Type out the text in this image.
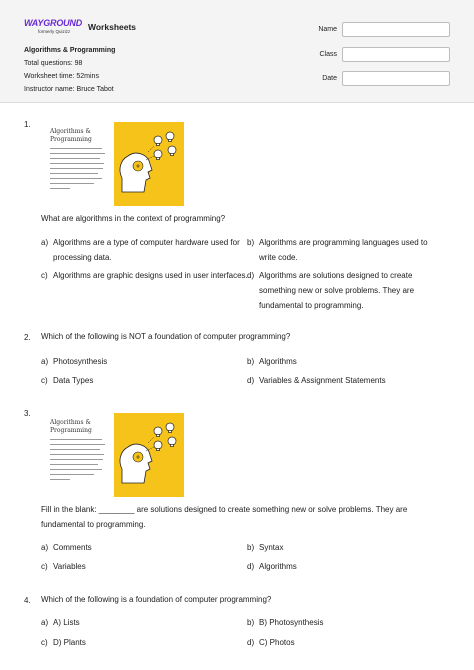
WAYGROUND
formerly Quizizz Worksheets
Algorithms & Programming
Total questions: 98
Worksheet time: 52mins
Instructor name: Bruce Tabot
Name
Class
Date
1.
Algorithms &
Programming
What are algorithms in the context of programming?
a) Algorithms are a type of computer hardware used for processing data.
b) Algorithms are programming languages used to write code.
c) Algorithms are graphic designs used in user interfaces. d) Algorithms are solutions designed to create something new or solve problems. They are fundamental to programming.
2. Which of the following is NOT a foundation of computer programming?
a) Photosynthesis	b) Algorithms
c) Data Types	d) Variables & Assignment Statements
3.
Algorithms &
Programming
Fill in the blank: ________ are solutions designed to create something new or solve problems. They are fundamental to programming.
a) Comments	b) Syntax
c) Variables	d) Algorithms
4. Which of the following is a foundation of computer programming?
a) A) Lists	b) B) Photosynthesis
c) D) Plants	d) C) Photos
